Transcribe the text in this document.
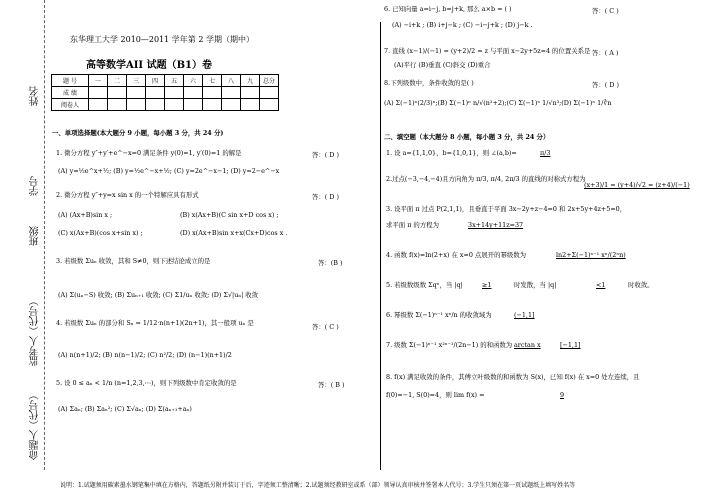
姓名
学号
班级
监考人（代号）
命题人（代号）
东华理工大学 2010—2011 学年第 2 学期（期中）
高等数学AII 试题（B1）卷
题 号	一	二	三	四	五	六	七	八	九	总分
成 绩										
阅卷人										
一、单项选择题(本大题分 9 小题，每小题 3 分，共 24 分)
1. 微分方程 y″+y′+e^−x=0 满足条件 y(0)=1, y′(0)=1 的解是	答：( D )
(A) y=½e^x+½; (B) y=½e^−x+½; (C) y=2e^−x−1; (D) y=2−e^−x
2. 微分方程 y″+y=x sin x 的一个特解应具有形式	答：( D )
(A) (Ax+B)sin x ;	(B) x(Ax+B)(C sin x+D cos x) ;
(C) x(Ax+B)(cos x+sin x) ;	(D) x(Ax+B)sin x+x(Cx+D)cos x .
3. 若级数 Σuₙ 收敛，其和 S≠0，则下述结论成立的是	答：(B )
(A) Σ(uₙ−S) 收敛; (B) Σuₙ₊₁ 收敛; (C) Σ1/uₙ 收敛; (D) Σ√|uₙ| 收敛
4. 若级数 Σuₙ 的部分和 Sₙ = 1/12·n(n+1)(2n+1)，其一般项 uₙ 是	答：( C )
(A) n(n+1)/2; (B) n(n−1)/2; (C) n²/2; (D) (n−1)(n+1)/2
5. 设 0 ≤ aₙ < 1/n (n=1,2,3,⋯)，则下列级数中肯定收敛的是	答：( B )
(A) Σaₙ; (B) Σaₙ²; (C) Σ√aₙ; (D) Σ(aₙ₊₁+aₙ)
6. 已知向量 a=i−j, b=j+k, 那么 a×b = ( )	答：( C )
(A) −i+k ; (B) i+j−k ; (C) −i−j+k ; (D) j−k .
7. 直线 (x−1)/(−1) = (y+2)/2 = z 与平面 x−2y+5z=4 的位置关系是 答：( A )
(A)平行 (B)垂直 (C)斜交 (D)重合
8.下列级数中，条件收敛的是( )	答：( D )
(A) Σ(−1)ⁿ(2/3)ⁿ;(B) Σ(−1)ⁿ n/√(n²+2);(C) Σ(−1)ⁿ 1/√n³;(D) Σ(−1)ⁿ 1/∛n
二、填空题（本大题分 8 小题，每小题 3 分，共 24 分）
1. 设 a={1,1,0}，b={1,0,1}，则 ∠(a,b)=	π/3
2.过点(−3,−4,−4)且方向角为 π/3, π/4, 2π/3 的直线的对称式方程为
(x+3)/1 = (y+4)/√2 = (z+4)/(−1)
3. 设平面 π 过点 P(2,1,1)，且垂直于平面 3x−2y+z−4=0 和 2x+5y+4z+5=0，
求平面 π 的方程为	3x+14y+11z=37
4. 函数 f(x)=ln(2+x) 在 x=0 点展开的幂级数为	ln2+Σ(−1)ⁿ⁻¹ xⁿ/(2ⁿn)
5. 若级数级数 Σqⁿ，当 |q|	≥1	时发散，当 |q|	<1	时收敛。
6. 幂级数 Σ(−1)ⁿ⁻¹ xⁿ/n 的收敛域为	(−1,1]
7. 级数 Σ(−1)ⁿ⁻¹ x²ⁿ⁻¹/(2n−1) 的和函数为 arctan x	[−1,1]
8. f(x) 满足收敛的条件，其傅立叶级数的和函数为 S(x)，已知 f(x) 在 x=0 处左连续，且
f(0)=−1, S(0)=4，则 lim f(x) =	9
说明：1.试题须用碳素墨水钢笔集中填在方格内，答题纸另附并装订于后，字迹须工整清晰；2.试题须经教研室或系（部）领导认真审核并签署本人代号；3.学生只须在第一页试题纸上填写姓名等
